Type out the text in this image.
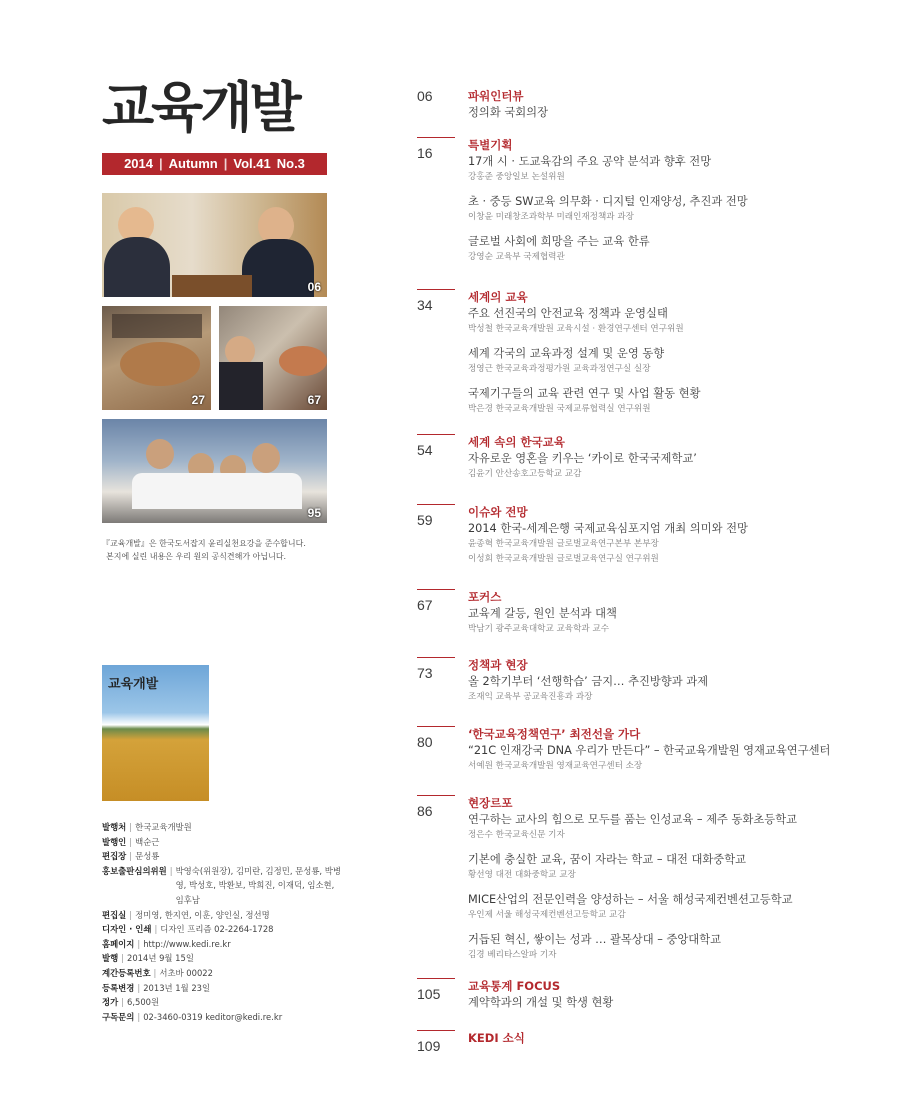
교육개발
2014 | Autumn | Vol.41 No.3
06
27	67
95
『교육개발』은 한국도서잡지 윤리실천요강을 준수합니다.
본지에 실린 내용은 우리 원의 공식견해가 아닙니다.
교육개발
발행처 | 한국교육개발원
발행인 | 백순근
편집장 | 문성룡
홍보출판심의위원 | 박영숙(위원장), 김미란, 김정민, 문성룡, 박병영, 박성호, 박환보, 박희진, 이재덕, 임소현, 임후남
편집실 | 정미영, 한지연, 이훈, 양인실, 정선명
디자인 · 인쇄 | 디자인 프리즘 02-2264-1728
홈페이지 | http://www.kedi.re.kr
발행 | 2014년 9월 15일
계간등록번호 | 서초바 00022
등록변경 | 2013년 1월 23일
정가 | 6,500원
구독문의 | 02-3460-0319 keditor@kedi.re.kr
06	파워인터뷰
정의화 국회의장
16	특별기획
17개 시 · 도교육감의 주요 공약 분석과 향후 전망
강홍준 중앙일보 논설위원
초 · 중등 SW교육 의무화 · 디지털 인재양성, 추진과 전망
이창윤 미래창조과학부 미래인재정책과 과장
글로벌 사회에 희망을 주는 교육 한류
강영순 교육부 국제협력관
34	세계의 교육
주요 선진국의 안전교육 정책과 운영실태
박성철 한국교육개발원 교육시설 · 환경연구센터 연구위원
세계 각국의 교육과정 설계 및 운영 동향
정영근 한국교육과정평가원 교육과정연구실 실장
국제기구들의 교육 관련 연구 및 사업 활동 현황
박은경 한국교육개발원 국제교류협력실 연구위원
54	세계 속의 한국교육
자유로운 영혼을 키우는 ‘카이로 한국국제학교’
김윤기 안산송호고등학교 교감
59	이슈와 전망
2014 한국-세계은행 국제교육심포지엄 개최 의미와 전망
윤종혁 한국교육개발원 글로벌교육연구본부 본부장
이성회 한국교육개발원 글로벌교육연구실 연구위원
67	포커스
교육계 갈등, 원인 분석과 대책
박남기 광주교육대학교 교육학과 교수
73	정책과 현장
올 2학기부터 ‘선행학습’ 금지… 추진방향과 과제
조재익 교육부 공교육진흥과 과장
80	‘한국교육정책연구’ 최전선을 가다
“21C 인재강국 DNA 우리가 만든다” – 한국교육개발원 영재교육연구센터
서예원 한국교육개발원 영재교육연구센터 소장
86	현장르포
연구하는 교사의 힘으로 모두를 품는 인성교육 – 제주 동화초등학교
정은수 한국교육신문 기자
기본에 충실한 교육, 꿈이 자라는 학교 – 대전 대화중학교
황선영 대전 대화중학교 교장
MICE산업의 전문인력을 양성하는 – 서울 해성국제컨벤션고등학교
우인제 서울 해성국제컨벤션고등학교 교감
거듭된 혁신, 쌓이는 성과 … 괄목상대 – 중앙대학교
김경 베리타스알파 기자
105 교육통계 FOCUS
계약학과의 개설 및 학생 현황
109 KEDI 소식
